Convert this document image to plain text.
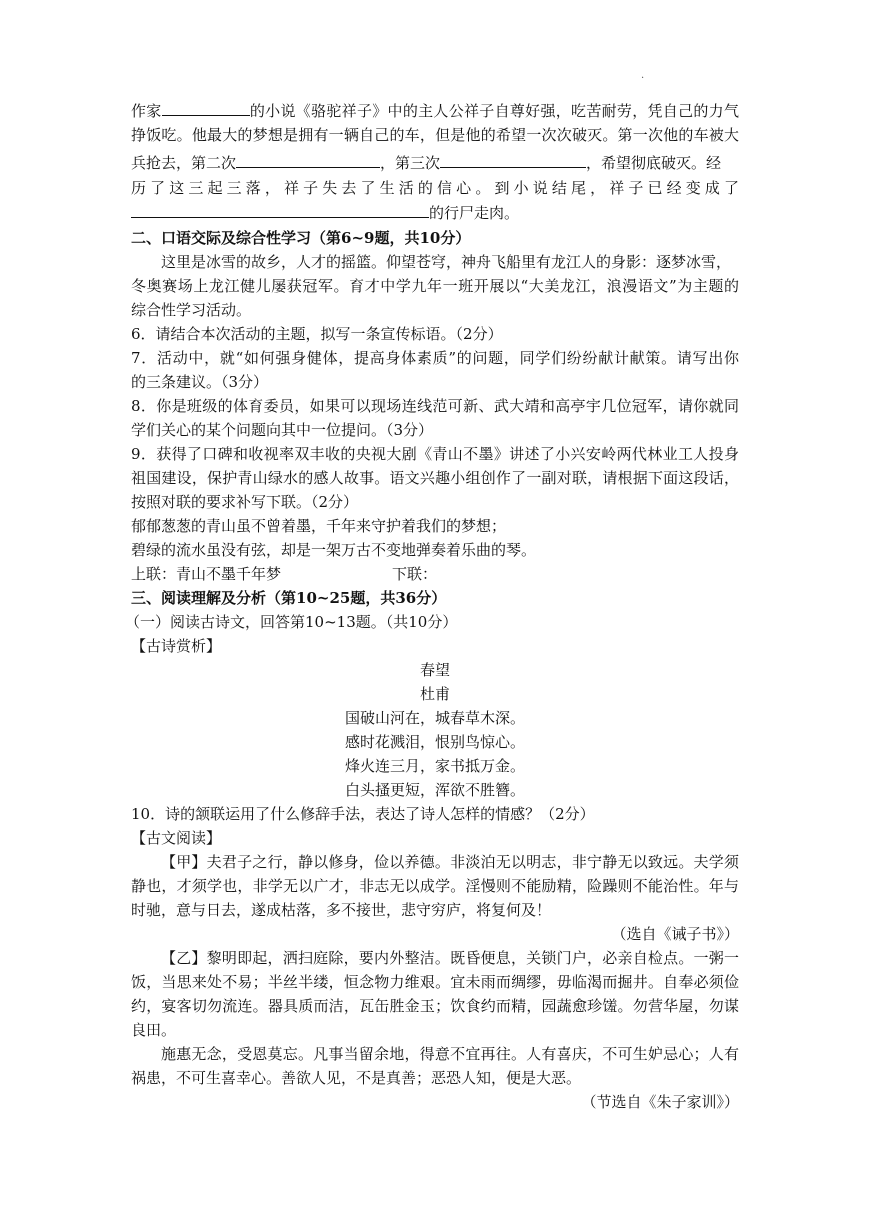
.
作家	的小说《骆驼祥子》中的主人公祥子自尊好强，吃苦耐劳，凭自己的力气
挣饭吃。他最大的梦想是拥有一辆自己的车，但是他的希望一次次破灭。第一次他的车被大
兵抢去，第二次	，第三次	，希望彻底破灭。经
历了这三起三落，祥子失去了生活的信心。到小说结尾，祥子已经变成了
的行尸走肉。
二、口语交际及综合性学习（第6~9题，共10分）
这里是冰雪的故乡，人才的摇篮。仰望苍穹，神舟飞船里有龙江人的身影：逐梦冰雪，
冬奥赛场上龙江健儿屡获冠军。育才中学九年一班开展以“大美龙江，浪漫语文”为主题的
综合性学习活动。
6．请结合本次活动的主题，拟写一条宣传标语。（2分）
7．活动中，就“如何强身健体，提高身体素质”的问题，同学们纷纷献计献策。请写出你
的三条建议。（3分）
8．你是班级的体育委员，如果可以现场连线范可新、武大靖和高亭宇几位冠军，请你就同
学们关心的某个问题向其中一位提问。（3分）
9．获得了口碑和收视率双丰收的央视大剧《青山不墨》讲述了小兴安岭两代林业工人投身
祖国建设，保护青山绿水的感人故事。语文兴趣小组创作了一副对联，请根据下面这段话，
按照对联的要求补写下联。（2分）
郁郁葱葱的青山虽不曾着墨，千年来守护着我们的梦想；
碧绿的流水虽没有弦，却是一架万古不变地弹奏着乐曲的琴。
上联：青山不墨千年梦	下联：
三、阅读理解及分析（第10~25题，共36分）
（一）阅读古诗文，回答第10~13题。（共10分）
【古诗赏析】
春望
杜甫
国破山河在，城春草木深。
感时花溅泪，恨别鸟惊心。
烽火连三月，家书抵万金。
白头搔更短，浑欲不胜簪。
10．诗的颔联运用了什么修辞手法，表达了诗人怎样的情感？（2分）
【古文阅读】
【甲】夫君子之行，静以修身，俭以养德。非淡泊无以明志，非宁静无以致远。夫学须
静也，才须学也，非学无以广才，非志无以成学。淫慢则不能励精，险躁则不能治性。年与
时驰，意与日去，遂成枯落，多不接世，悲守穷庐，将复何及！
（选自《诫子书》）
【乙】黎明即起，洒扫庭除，要内外整洁。既昏便息，关锁门户，必亲自检点。一粥一
饭，当思来处不易；半丝半缕，恒念物力维艰。宜未雨而绸缪，毋临渴而掘井。自奉必须俭
约，宴客切勿流连。器具质而洁，瓦缶胜金玉；饮食约而精，园蔬愈珍馐。勿营华屋，勿谋
良田。
施惠无念，受恩莫忘。凡事当留余地，得意不宜再往。人有喜庆，不可生妒忌心；人有
祸患，不可生喜幸心。善欲人见，不是真善；恶恐人知，便是大恶。
（节选自《朱子家训》）
